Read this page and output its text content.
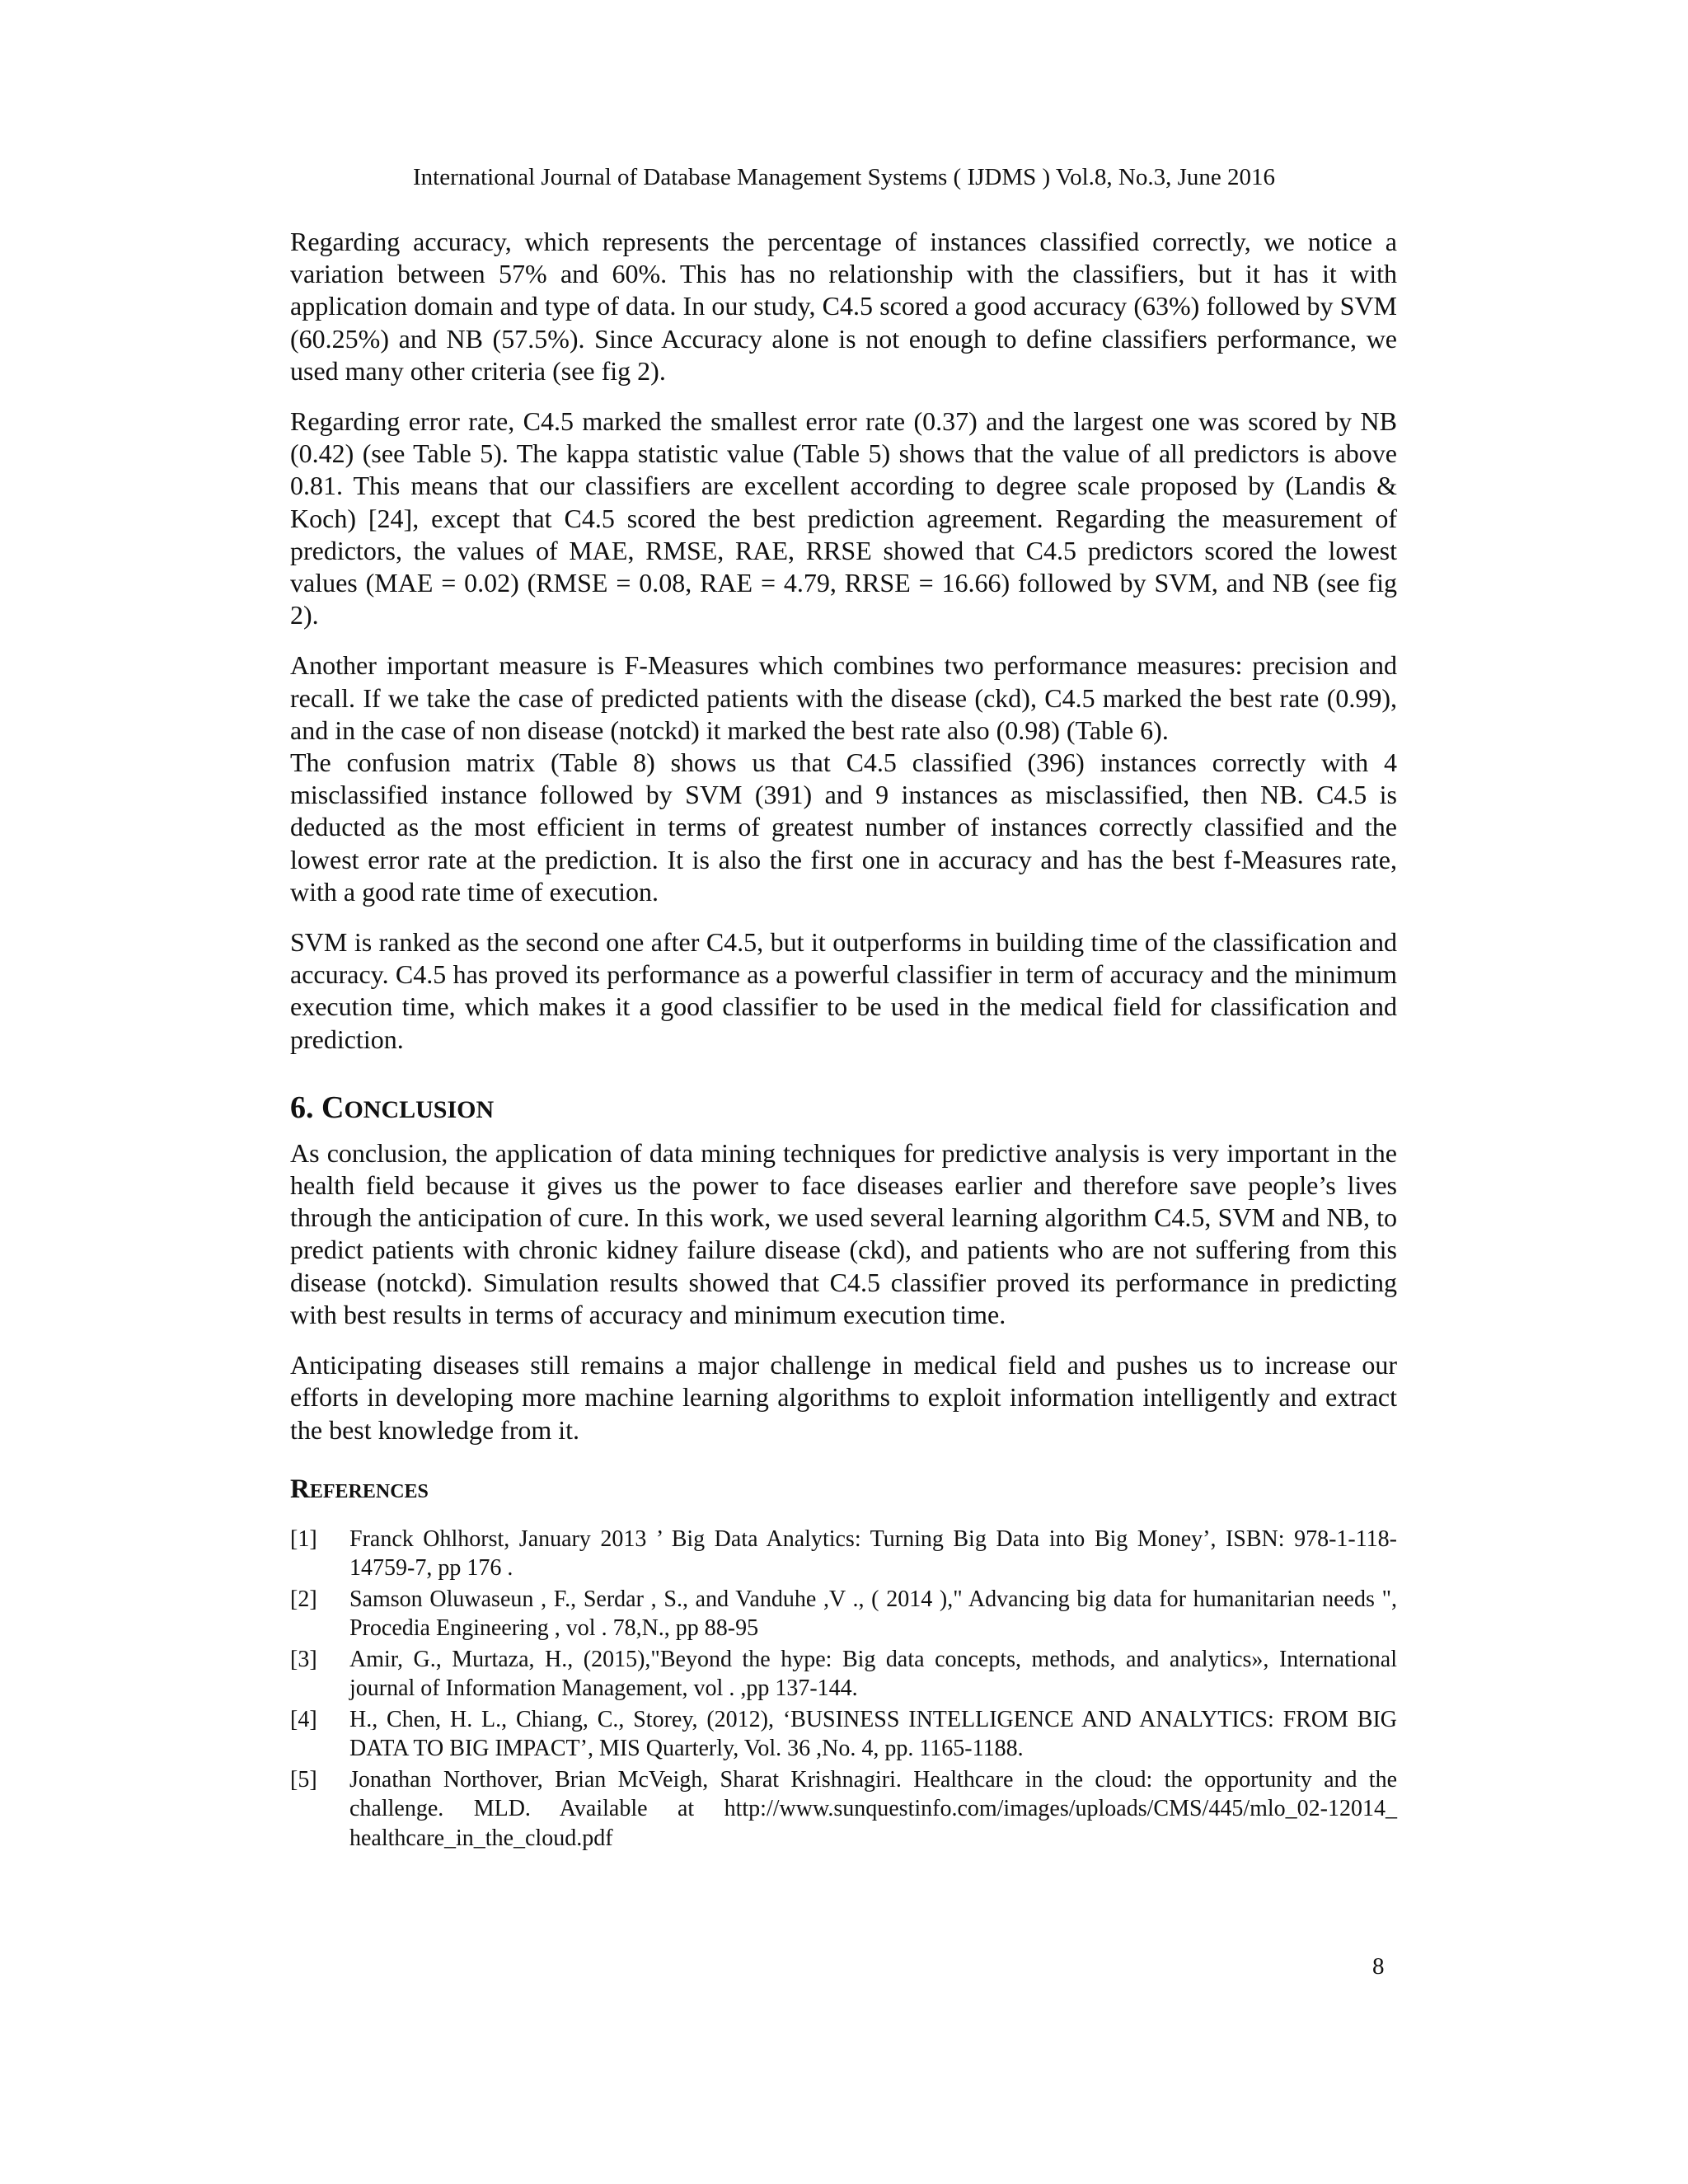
International Journal of Database Management Systems ( IJDMS ) Vol.8, No.3, June 2016

Regarding accuracy, which represents the percentage of instances classified correctly, we notice a variation between 57% and 60%. This has no relationship with the classifiers, but it has it with application domain and type of data. In our study, C4.5 scored a good accuracy (63%) followed by SVM (60.25%) and NB (57.5%). Since Accuracy alone is not enough to define classifiers performance, we used many other criteria (see fig 2).

Regarding error rate, C4.5 marked the smallest error rate (0.37) and the largest one was scored by NB (0.42) (see Table 5). The kappa statistic value (Table 5) shows that the value of all predictors is above 0.81. This means that our classifiers are excellent according to degree scale proposed by (Landis & Koch) [24], except that C4.5 scored the best prediction agreement. Regarding the measurement of predictors, the values of MAE, RMSE, RAE, RRSE showed that C4.5 predictors scored the lowest values (MAE = 0.02) (RMSE = 0.08, RAE = 4.79, RRSE = 16.66) followed by SVM, and NB (see fig 2).

Another important measure is F-Measures which combines two performance measures: precision and recall. If we take the case of predicted patients with the disease (ckd), C4.5 marked the best rate (0.99), and in the case of non disease (notckd) it marked the best rate also (0.98) (Table 6).

The confusion matrix (Table 8) shows us that C4.5 classified (396) instances correctly with 4 misclassified instance followed by SVM (391) and 9 instances as misclassified, then NB. C4.5 is deducted as the most efficient in terms of greatest number of instances correctly classified and the lowest error rate at the prediction. It is also the first one in accuracy and has the best f-Measures rate, with a good rate time of execution.

SVM is ranked as the second one after C4.5, but it outperforms in building time of the classification and accuracy. C4.5 has proved its performance as a powerful classifier in term of accuracy and the minimum execution time, which makes it a good classifier to be used in the medical field for classification and prediction.

6. CONCLUSION

As conclusion, the application of data mining techniques for predictive analysis is very important in the health field because it gives us the power to face diseases earlier and therefore save people’s lives through the anticipation of cure. In this work, we used several learning algorithm C4.5, SVM and NB, to predict patients with chronic kidney failure disease (ckd), and patients who are not suffering from this disease (notckd). Simulation results showed that C4.5 classifier proved its performance in predicting with best results in terms of accuracy and minimum execution time.

Anticipating diseases still remains a major challenge in medical field and pushes us to increase our efforts in developing more machine learning algorithms to exploit information intelligently and extract the best knowledge from it.

REFERENCES
[1] Franck Ohlhorst, January 2013 ’ Big Data Analytics: Turning Big Data into Big Money’, ISBN: 978-1-118-14759-7, pp 176 .
[2] Samson Oluwaseun , F., Serdar , S., and Vanduhe ,V ., ( 2014 )," Advancing big data for humanitarian needs ", Procedia Engineering , vol . 78,N., pp 88-95
[3] Amir, G., Murtaza, H., (2015),"Beyond the hype: Big data concepts, methods, and analytics», International journal of Information Management, vol . ,pp 137-144.
[4] H., Chen, H. L., Chiang, C., Storey, (2012), ‘BUSINESS INTELLIGENCE AND ANALYTICS: FROM BIG DATA TO BIG IMPACT’, MIS Quarterly, Vol. 36 ,No. 4, pp. 1165-1188.
[5] Jonathan Northover, Brian McVeigh, Sharat Krishnagiri. Healthcare in the cloud: the opportunity and the challenge. MLD. Available at http://www.sunquestinfo.com/images/uploads/CMS/445/mlo_02-12014_ healthcare_in_the_cloud.pdf
8
